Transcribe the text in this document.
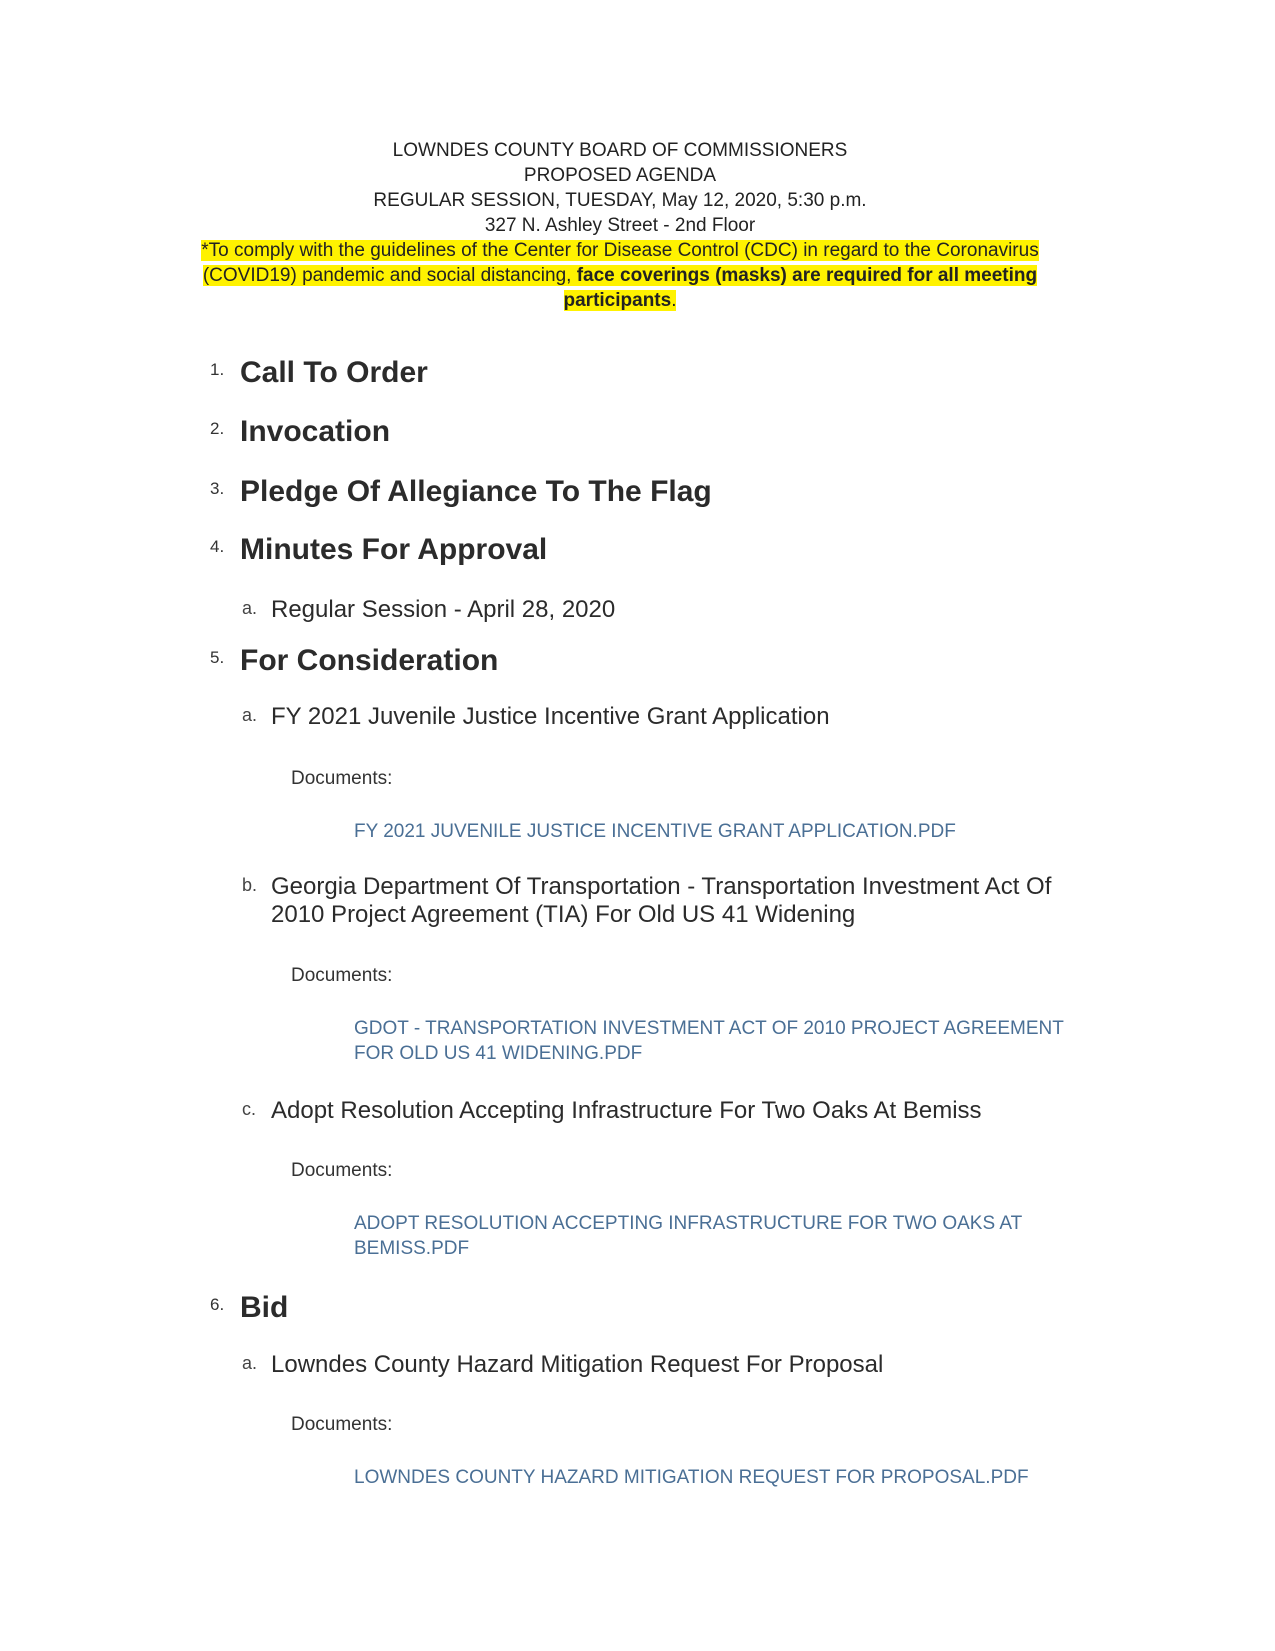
LOWNDES COUNTY BOARD OF COMMISSIONERS
PROPOSED AGENDA
REGULAR SESSION, TUESDAY, May 12, 2020, 5:30 p.m.
327 N. Ashley Street - 2nd Floor
*To comply with the guidelines of the Center for Disease Control (CDC) in regard to the Coronavirus (COVID19) pandemic and social distancing, face coverings (masks) are required for all meeting participants.
1. Call To Order
2. Invocation
3. Pledge Of Allegiance To The Flag
4. Minutes For Approval
a. Regular Session - April 28, 2020
5. For Consideration
a. FY 2021 Juvenile Justice Incentive Grant Application
Documents:
FY 2021 JUVENILE JUSTICE INCENTIVE GRANT APPLICATION.PDF
b. Georgia Department Of Transportation - Transportation Investment Act Of 2010 Project Agreement (TIA) For Old US 41 Widening
Documents:
GDOT - TRANSPORTATION INVESTMENT ACT OF 2010 PROJECT AGREEMENT FOR OLD US 41 WIDENING.PDF
c. Adopt Resolution Accepting Infrastructure For Two Oaks At Bemiss
Documents:
ADOPT RESOLUTION ACCEPTING INFRASTRUCTURE FOR TWO OAKS AT BEMISS.PDF
6. Bid
a. Lowndes County Hazard Mitigation Request For Proposal
Documents:
LOWNDES COUNTY HAZARD MITIGATION REQUEST FOR PROPOSAL.PDF
